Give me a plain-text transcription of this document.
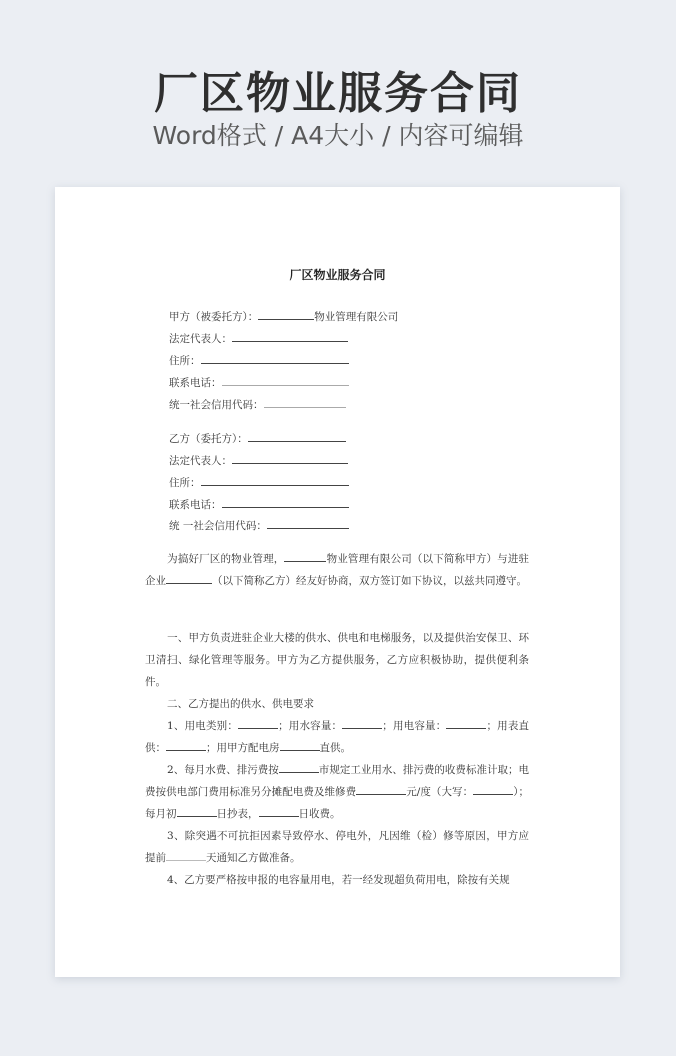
厂区物业服务合同
Word格式 / A4大小 / 内容可编辑
厂区物业服务合同
甲方（被委托方）：	物业管理有限公司
法定代表人：
住所：
联系电话：
统一社会信用代码：
乙方（委托方）：
法定代表人：
住所：
联系电话：
统 一社会信用代码：
为搞好厂区的物业管理，	物业管理有限公司（以下简称甲方）与进驻企业	（以下简称乙方）经友好协商，双方签订如下协议，以兹共同遵守。
一、甲方负责进驻企业大楼的供水、供电和电梯服务，以及提供治安保卫、环卫清扫、绿化管理等服务。甲方为乙方提供服务，乙方应积极协助，提供便利条件。
二、乙方提出的供水、供电要求
1、用电类别：	；用水容量：	；用电容量：	；用表直供：	；用甲方配电房	直供。
2、每月水费、排污费按	市规定工业用水、排污费的收费标准计取；电费按供电部门费用标准另分摊配电费及维修费	元/度（大写：	）；每月初	日抄表，	日收费。
3、除突遇不可抗拒因素导致停水、停电外，凡因维（检）修等原因，甲方应提前	天通知乙方做准备。
4、乙方要严格按申报的电容量用电，若一经发现超负荷用电，除按有关规
